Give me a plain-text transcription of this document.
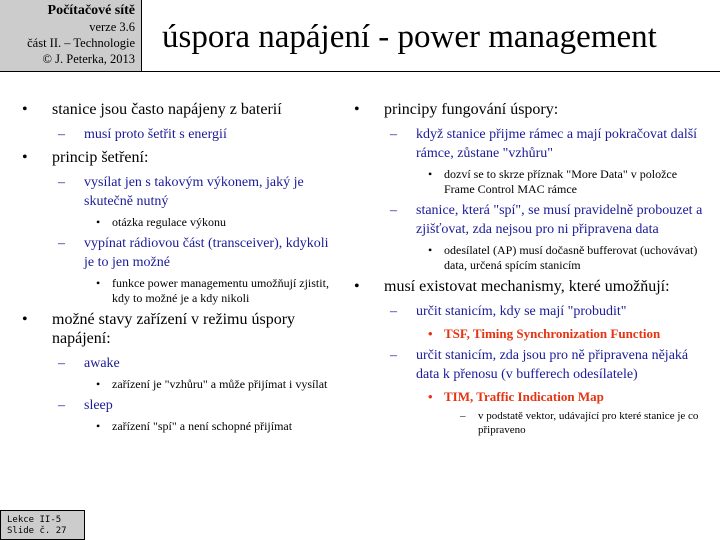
Počítačové sítě
verze 3.6
část II. – Technologie
© J. Peterka, 2013
úspora napájení - power management
• stanice jsou často napájeny z baterií
– musí proto šetřit s energií
• princip šetření:
– vysílat jen s takovým výkonem, jaký je skutečně nutný
• otázka regulace výkonu
– vypínat rádiovou část (transceiver), kdykoli je to jen možné
• funkce power managementu umožňují zjistit, kdy to možné je a kdy nikoli
• možné stavy zařízení v režimu úspory napájení:
– awake
• zařízení je "vzhůru" a může přijímat i vysílat
– sleep
• zařízení "spí" a není schopné přijímat
• principy fungování úspory:
– když stanice přijme rámec a mají pokračovat další rámce, zůstane "vzhůru"
• dozví se to skrze příznak "More Data" v položce Frame Control MAC rámce
– stanice, která "spí", se musí pravidelně probouzet a zjišťovat, zda nejsou pro ni připravena data
• odesílatel (AP) musí dočasně bufferovat (uchovávat) data, určená spícím stanicím
• musí existovat mechanismy, které umožňují:
– určit stanicím, kdy se mají "probudit"
• TSF, Timing Synchronization Function
– určit stanicím, zda jsou pro ně připravena nějaká data k přenosu (v bufferech odesílatele)
• TIM, Traffic Indication Map
– v podstatě vektor, udávající pro které stanice je co připraveno
Lekce II-5
Slide č. 27
